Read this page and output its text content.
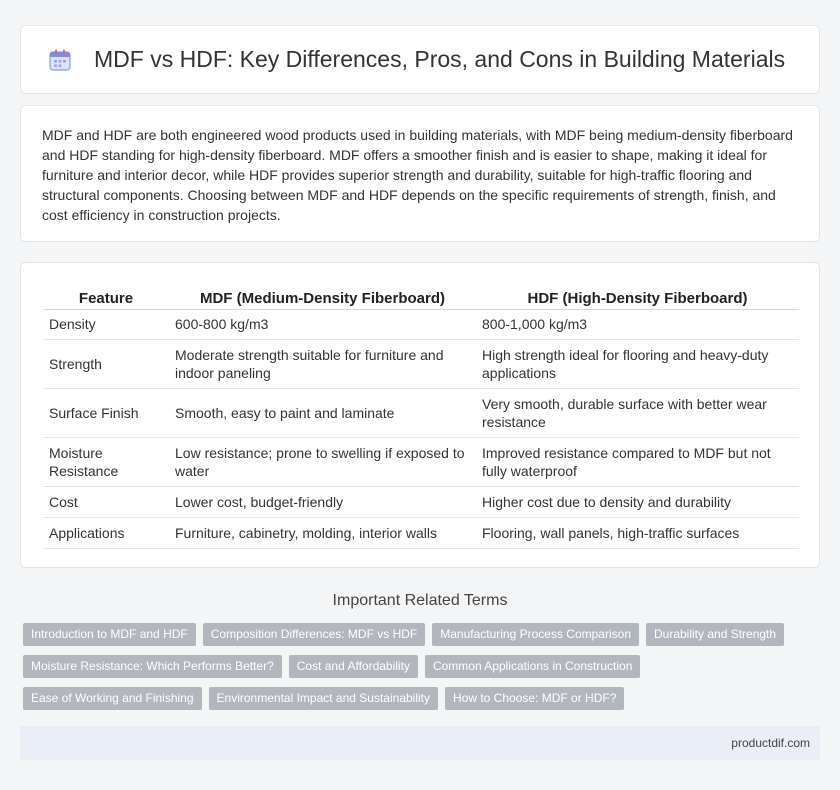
MDF vs HDF: Key Differences, Pros, and Cons in Building Materials

MDF and HDF are both engineered wood products used in building materials, with MDF being medium-density fiberboard and HDF standing for high-density fiberboard. MDF offers a smoother finish and is easier to shape, making it ideal for furniture and interior decor, while HDF provides superior strength and durability, suitable for high-traffic flooring and structural components. Choosing between MDF and HDF depends on the specific requirements of strength, finish, and cost efficiency in construction projects.

Feature	MDF (Medium-Density Fiberboard)	HDF (High-Density Fiberboard)
Density	600-800 kg/m3	800-1,000 kg/m3
Strength	Moderate strength suitable for furniture and indoor paneling	High strength ideal for flooring and heavy-duty applications
Surface Finish	Smooth, easy to paint and laminate	Very smooth, durable surface with better wear resistance
Moisture Resistance	Low resistance; prone to swelling if exposed to water	Improved resistance compared to MDF but not fully waterproof
Cost	Lower cost, budget-friendly	Higher cost due to density and durability
Applications	Furniture, cabinetry, molding, interior walls	Flooring, wall panels, high-traffic surfaces
Important Related Terms
Introduction to MDF and HDF	Composition Differences: MDF vs HDF	Manufacturing Process Comparison	Durability and Strength
Moisture Resistance: Which Performs Better?	Cost and Affordability	Common Applications in Construction
Ease of Working and Finishing	Environmental Impact and Sustainability	How to Choose: MDF or HDF?
productdif.com
